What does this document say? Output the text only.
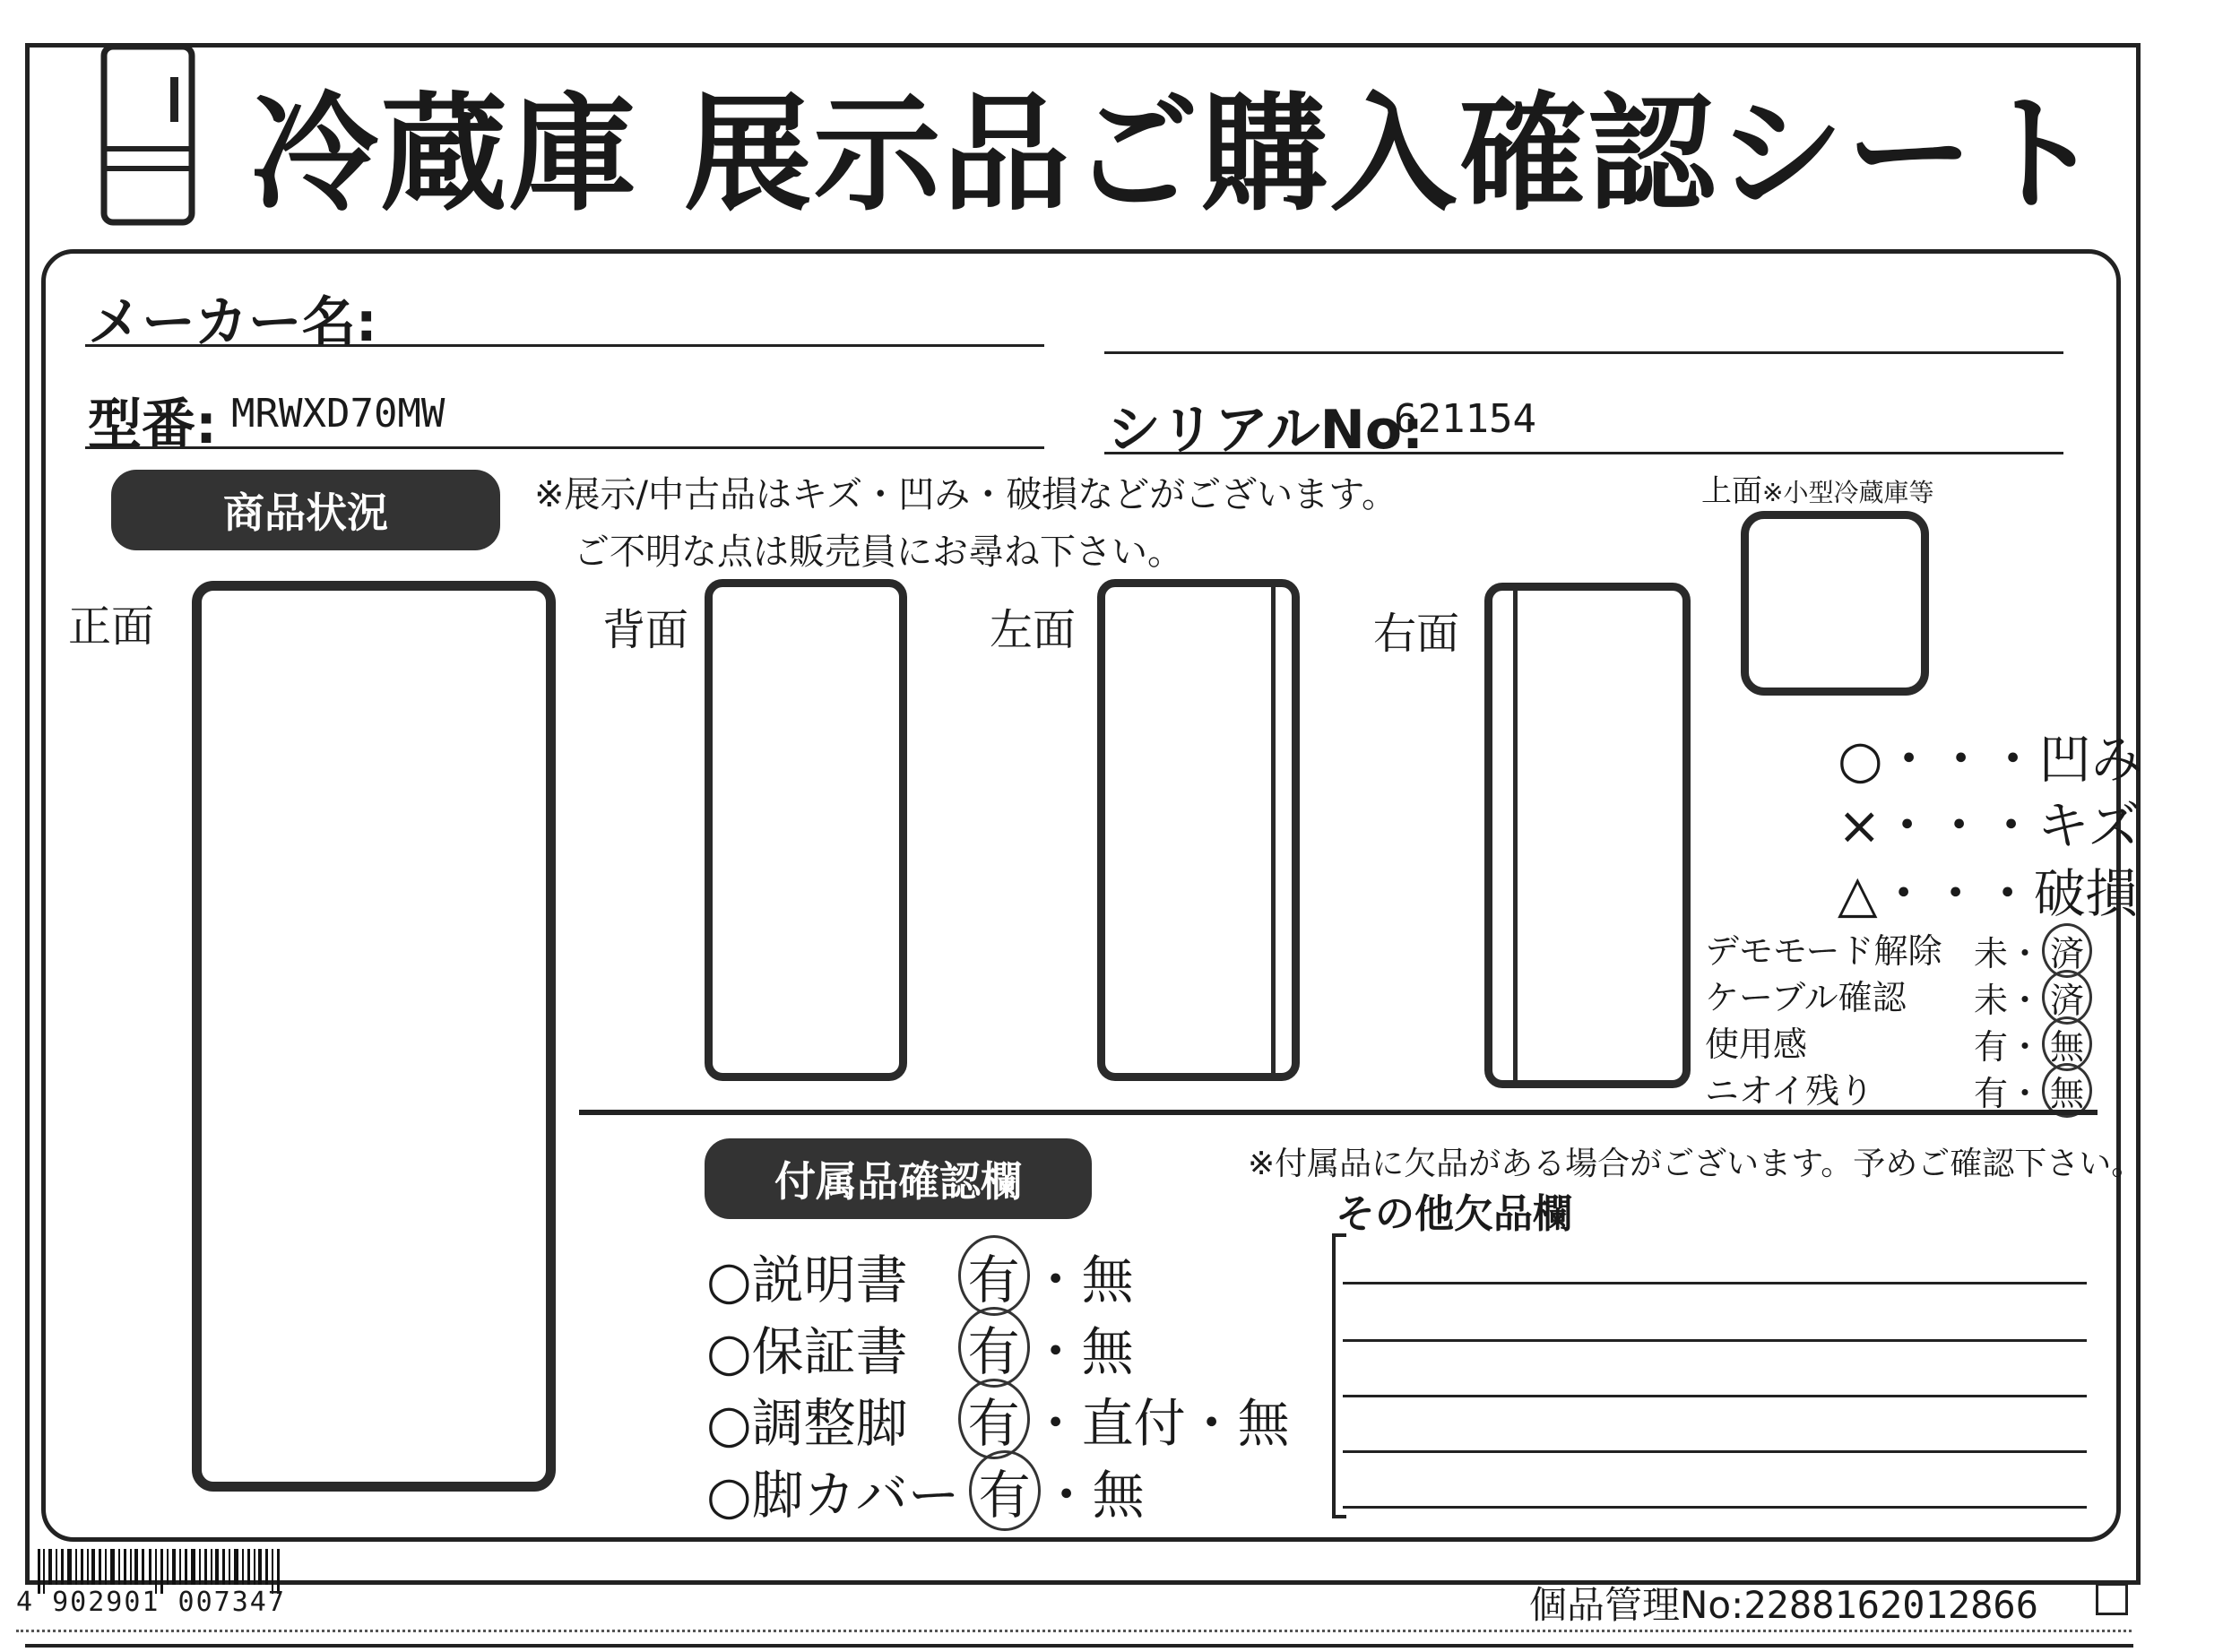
冷蔵庫 展示品ご購入確認シート
メーカー名:
型番: MRWXD70MW	シリアルNo:
621154
商品状況	※展示/中古品はキズ・凹み・破損などがございます。
ご不明な点は販売員にお尋ね下さい。
正面	背面	左面	右面
上面※小型冷蔵庫等
○・・・凹み
×・・・キズ
△・・・破損
デモモード解除 未・ 済
ケーブル確認 未・ 済
使用感	有・ 無
ニオイ残り	有・ 無
付属品確認欄	※付属品に欠品がある場合がございます。予めご確認下さい。
その他欠品欄
○説明書 有 ・無
○保証書 有 ・無
○調整脚 有 ・直付・無
○脚カバー 有 ・無
4 902901 007347	個品管理No:2288162012866
